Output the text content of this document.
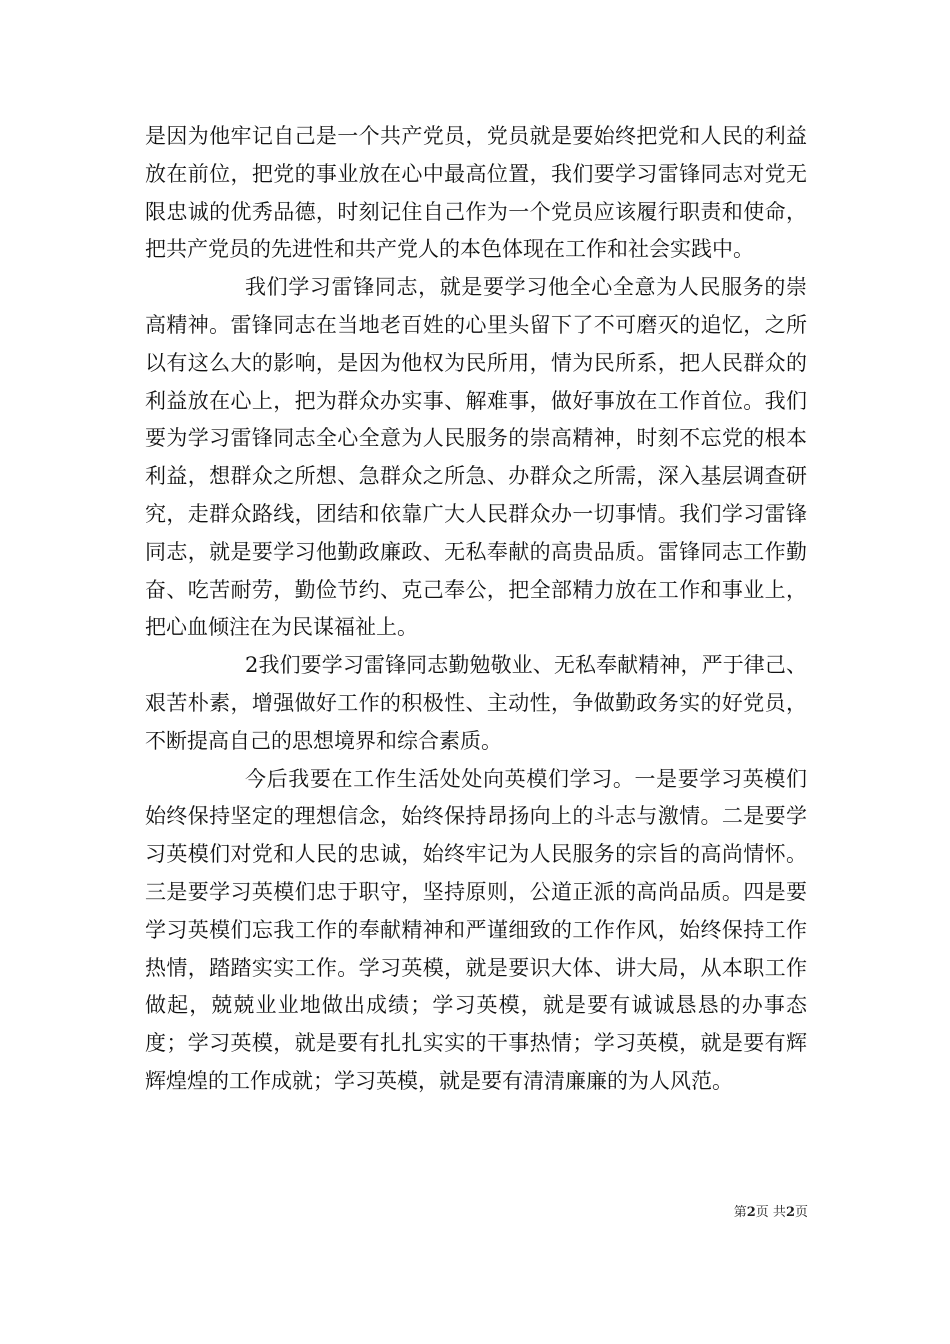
是因为他牢记自己是一个共产党员，党员就是要始终把党和人民的利益放在前位，把党的事业放在心中最高位置，我们要学习雷锋同志对党无限忠诚的优秀品德，时刻记住自己作为一个党员应该履行职责和使命，把共产党员的先进性和共产党人的本色体现在工作和社会实践中。

我们学习雷锋同志，就是要学习他全心全意为人民服务的崇高精神。雷锋同志在当地老百姓的心里头留下了不可磨灭的追忆，之所以有这么大的影响，是因为他权为民所用，情为民所系，把人民群众的利益放在心上，把为群众办实事、解难事，做好事放在工作首位。我们要为学习雷锋同志全心全意为人民服务的崇高精神，时刻不忘党的根本利益，想群众之所想、急群众之所急、办群众之所需，深入基层调查研究，走群众路线，团结和依靠广大人民群众办一切事情。我们学习雷锋同志，就是要学习他勤政廉政、无私奉献的高贵品质。雷锋同志工作勤奋、吃苦耐劳，勤俭节约、克己奉公，把全部精力放在工作和事业上，把心血倾注在为民谋福祉上。

2我们要学习雷锋同志勤勉敬业、无私奉献精神，严于律己、艰苦朴素，增强做好工作的积极性、主动性，争做勤政务实的好党员，不断提高自己的思想境界和综合素质。

今后我要在工作生活处处向英模们学习。一是要学习英模们始终保持坚定的理想信念，始终保持昂扬向上的斗志与激情。二是要学习英模们对党和人民的忠诚，始终牢记为人民服务的宗旨的高尚情怀。三是要学习英模们忠于职守，坚持原则，公道正派的高尚品质。四是要学习英模们忘我工作的奉献精神和严谨细致的工作作风，始终保持工作热情，踏踏实实工作。学习英模，就是要识大体、讲大局，从本职工作做起，兢兢业业地做出成绩；学习英模，就是要有诚诚恳恳的办事态度；学习英模，就是要有扎扎实实的干事热情；学习英模，就是要有辉辉煌煌的工作成就；学习英模，就是要有清清廉廉的为人风范。

第2页 共2页
